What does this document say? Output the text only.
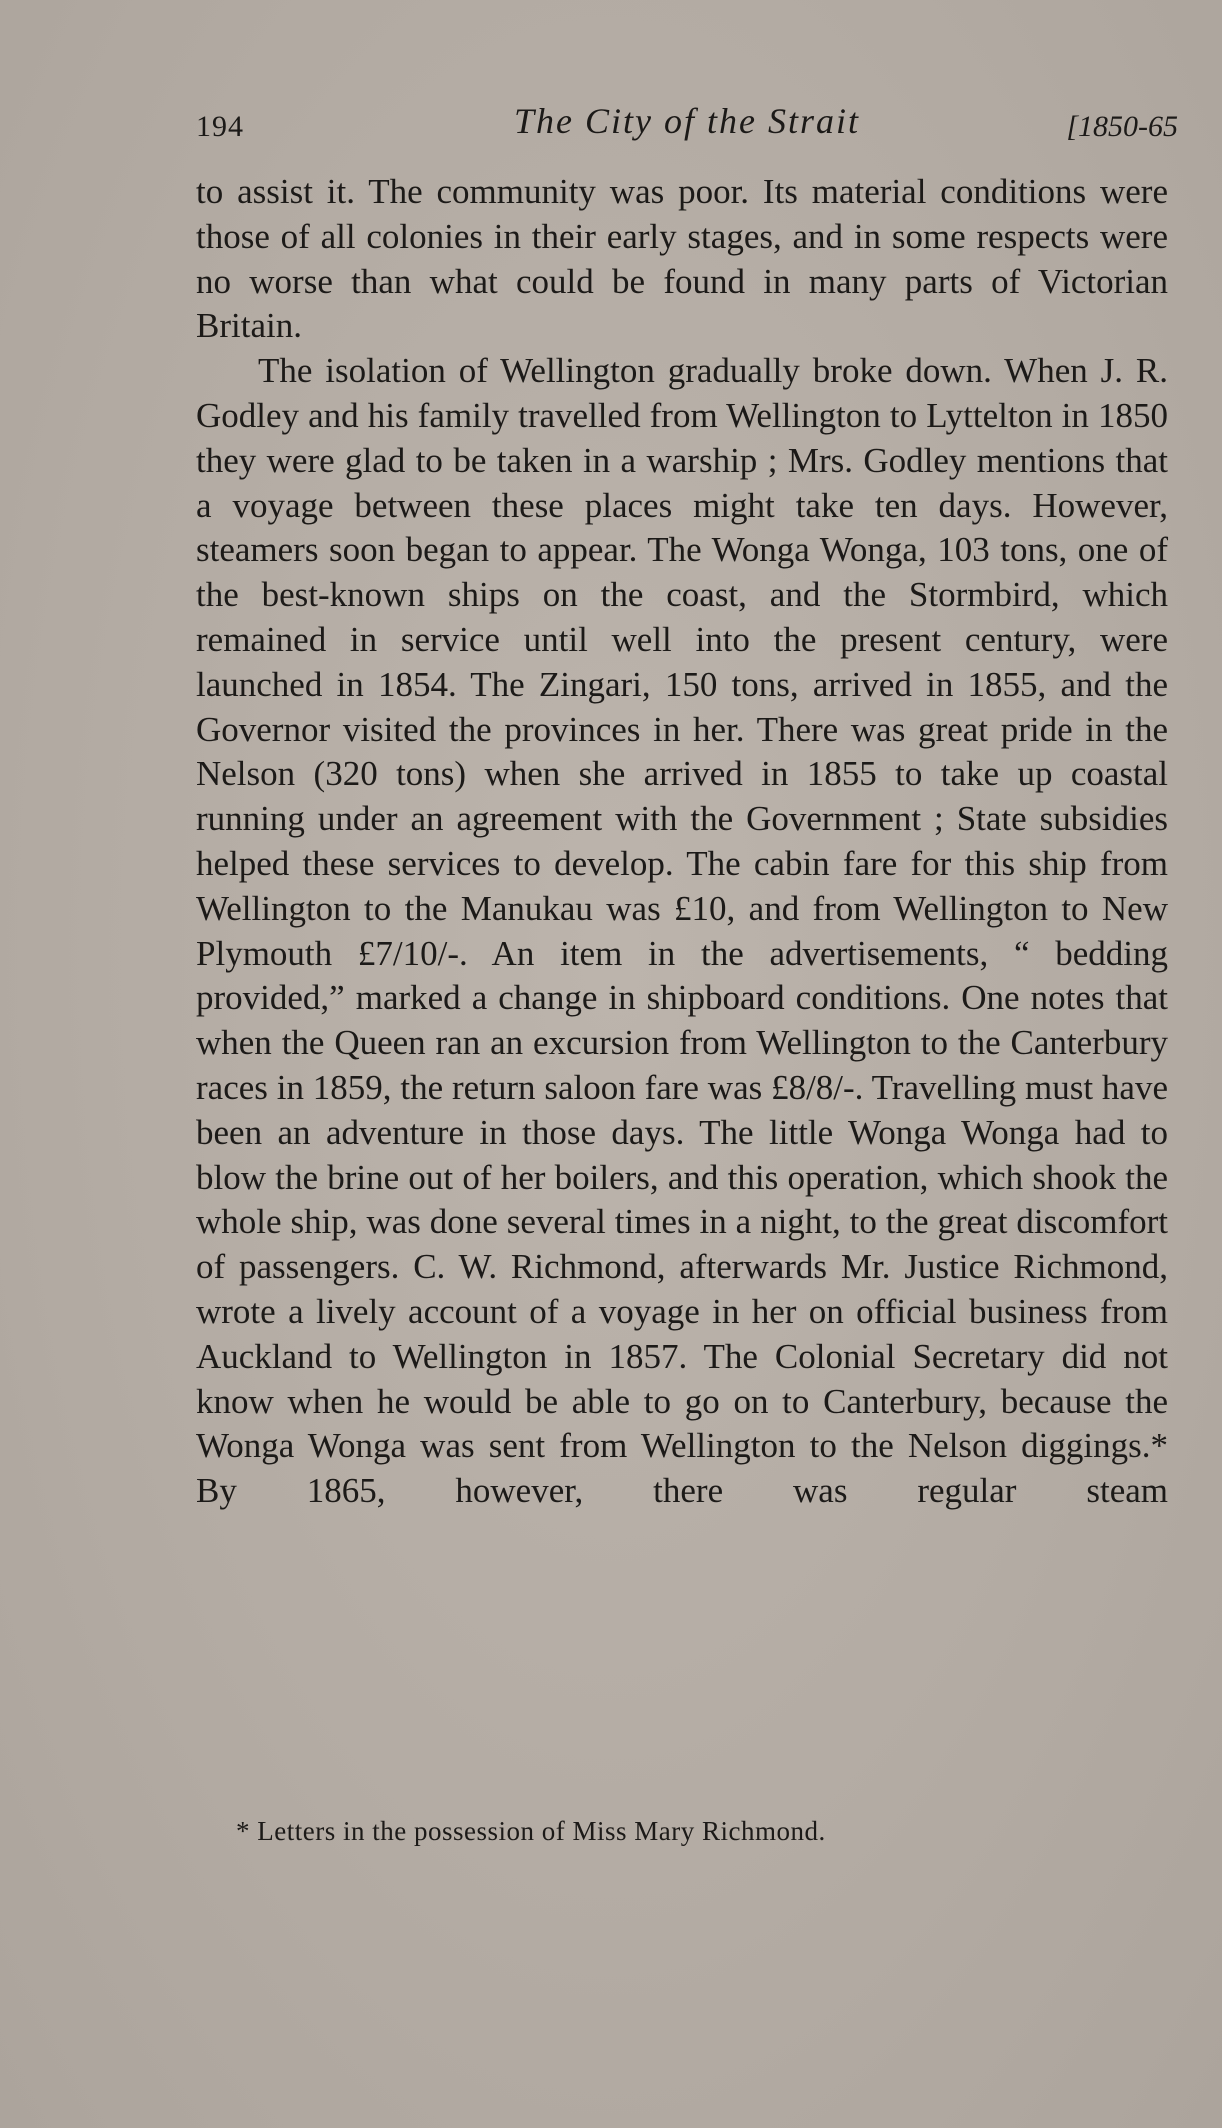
194	The City of the Strait	[1850-65

to assist it. The community was poor. Its material conditions were those of all colonies in their early stages, and in some respects were no worse than what could be found in many parts of Victorian Britain.

The isolation of Wellington gradually broke down. When J. R. Godley and his family travelled from Wellington to Lyttelton in 1850 they were glad to be taken in a warship ; Mrs. Godley mentions that a voyage between these places might take ten days. However, steamers soon began to appear. The Wonga Wonga, 103 tons, one of the best-known ships on the coast, and the Stormbird, which remained in service until well into the present century, were launched in 1854. The Zingari, 150 tons, arrived in 1855, and the Governor visited the provinces in her. There was great pride in the Nelson (320 tons) when she arrived in 1855 to take up coastal running under an agreement with the Government ; State subsidies helped these services to develop. The cabin fare for this ship from Wellington to the Manukau was £10, and from Wellington to New Plymouth £7/10/-. An item in the advertisements, “ bedding provided,” marked a change in shipboard conditions. One notes that when the Queen ran an excursion from Wellington to the Canterbury races in 1859, the return saloon fare was £8/8/-. Travelling must have been an adventure in those days. The little Wonga Wonga had to blow the brine out of her boilers, and this operation, which shook the whole ship, was done several times in a night, to the great discomfort of passengers. C. W. Richmond, afterwards Mr. Justice Richmond, wrote a lively account of a voyage in her on official business from Auckland to Wellington in 1857. The Colonial Secretary did not know when he would be able to go on to Canterbury, because the Wonga Wonga was sent from Wellington to the Nelson diggings.* By 1865, however, there was regular steam

* Letters in the possession of Miss Mary Richmond.
